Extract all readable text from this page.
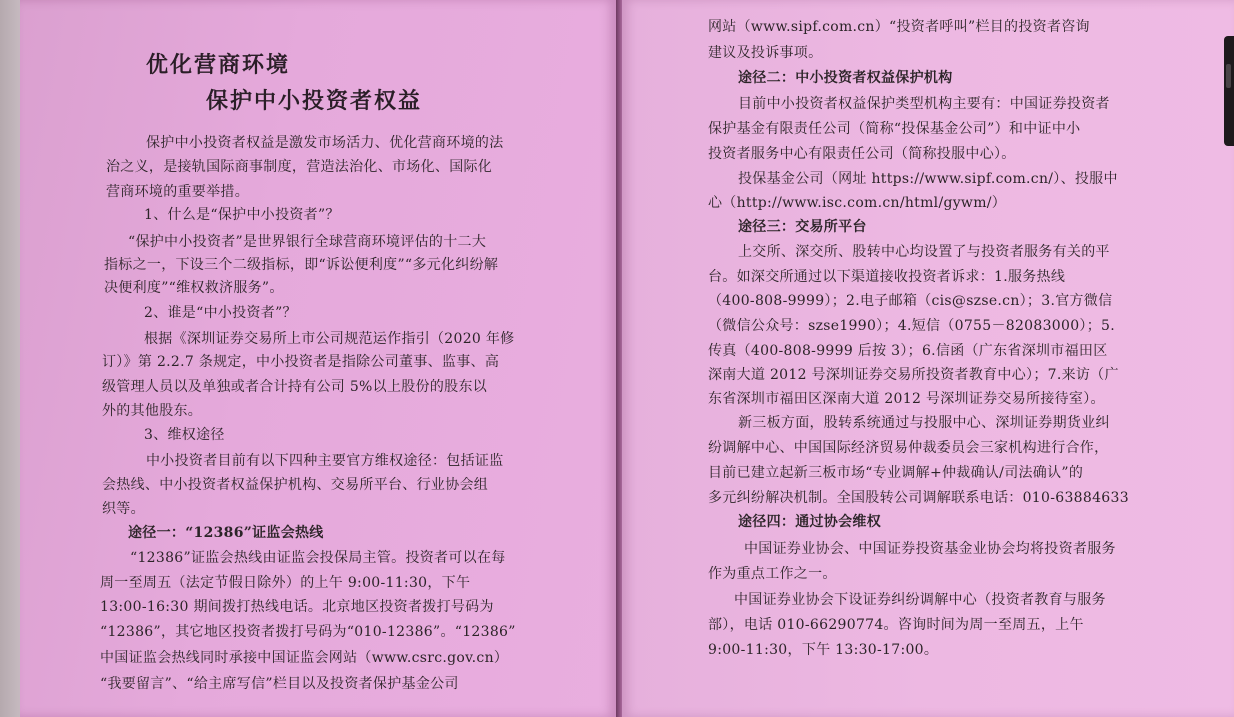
优化营商环境
保护中小投资者权益
保护中小投资者权益是激发市场活力、优化营商环境的法
治之义，是接轨国际商事制度，营造法治化、市场化、国际化
营商环境的重要举措。
1、什么是“保护中小投资者”？
“保护中小投资者”是世界银行全球营商环境评估的十二大
指标之一，下设三个二级指标，即“诉讼便利度”“多元化纠纷解
决便利度”“维权救济服务”。
2、谁是“中小投资者”？
根据《深圳证券交易所上市公司规范运作指引（2020 年修
订）》第 2.2.7 条规定，中小投资者是指除公司董事、监事、高
级管理人员以及单独或者合计持有公司 5%以上股份的股东以
外的其他股东。
3、维权途径
中小投资者目前有以下四种主要官方维权途径：包括证监
会热线、中小投资者权益保护机构、交易所平台、行业协会组
织等。
途径一：“12386”证监会热线
“12386”证监会热线由证监会投保局主管。投资者可以在每
周一至周五（法定节假日除外）的上午 9:00-11:30，下午
13:00-16:30 期间拨打热线电话。北京地区投资者拨打号码为
“12386”，其它地区投资者拨打号码为“010-12386”。“12386”
中国证监会热线同时承接中国证监会网站（www.csrc.gov.cn）
“我要留言”、“给主席写信”栏目以及投资者保护基金公司
网站（www.sipf.com.cn）“投资者呼叫”栏目的投资者咨询
建议及投诉事项。
途径二：中小投资者权益保护机构
目前中小投资者权益保护类型机构主要有：中国证券投资者
保护基金有限责任公司（简称“投保基金公司”）和中证中小
投资者服务中心有限责任公司（简称投服中心）。
投保基金公司（网址 https://www.sipf.com.cn/）、投服中
心（http://www.isc.com.cn/html/gywm/）
途径三：交易所平台
上交所、深交所、股转中心均设置了与投资者服务有关的平
台。如深交所通过以下渠道接收投资者诉求：1.服务热线
（400-808-9999）；2.电子邮箱（cis@szse.cn）；3.官方微信
（微信公众号：szse1990）；4.短信（0755－82083000）；5.
传真（400-808-9999 后按 3）；6.信函（广东省深圳市福田区
深南大道 2012 号深圳证券交易所投资者教育中心）；7.来访（广
东省深圳市福田区深南大道 2012 号深圳证券交易所接待室）。
新三板方面，股转系统通过与投服中心、深圳证券期货业纠
纷调解中心、中国国际经济贸易仲裁委员会三家机构进行合作，
目前已建立起新三板市场“专业调解+仲裁确认/司法确认”的
多元纠纷解决机制。全国股转公司调解联系电话：010-63884633
途径四：通过协会维权
中国证券业协会、中国证券投资基金业协会均将投资者服务
作为重点工作之一。
中国证券业协会下设证券纠纷调解中心（投资者教育与服务
部），电话 010-66290774。咨询时间为周一至周五，上午
9:00-11:30，下午 13:30-17:00。
